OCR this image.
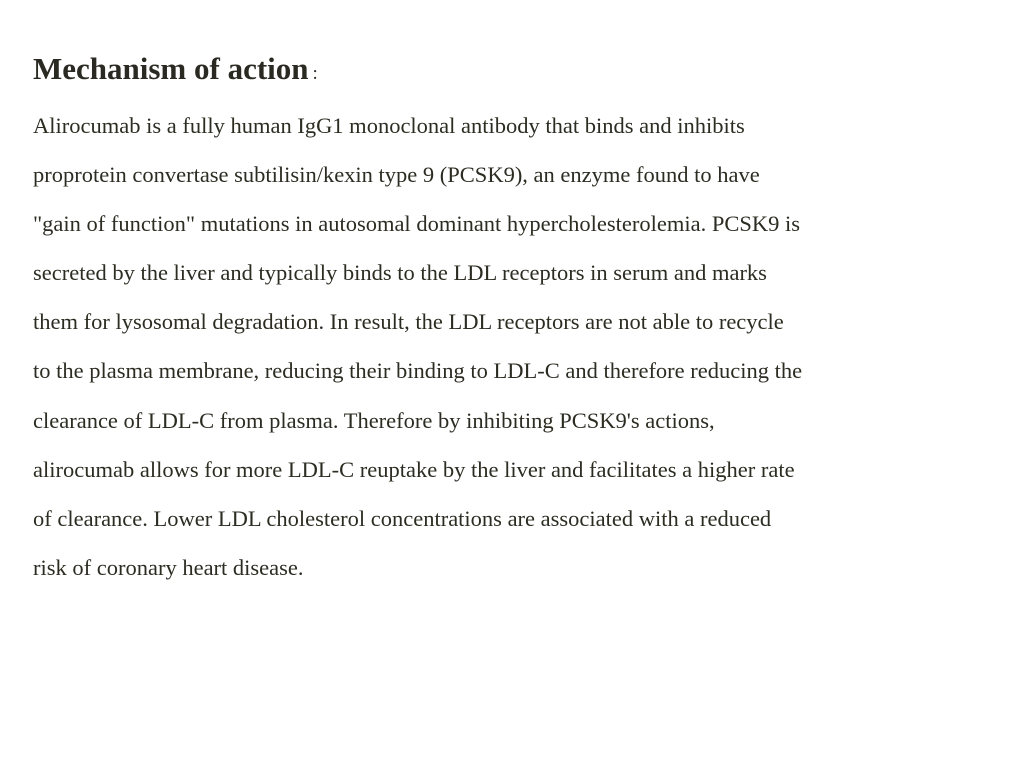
Mechanism of action :
Alirocumab is a fully human IgG1 monoclonal antibody that binds and inhibits
proprotein convertase subtilisin/kexin type 9 (PCSK9), an enzyme found to have
"gain of function" mutations in autosomal dominant hypercholesterolemia. PCSK9 is
secreted by the liver and typically binds to the LDL receptors in serum and marks
them for lysosomal degradation. In result, the LDL receptors are not able to recycle
to the plasma membrane, reducing their binding to LDL-C and therefore reducing the
clearance of LDL-C from plasma. Therefore by inhibiting PCSK9's actions,
alirocumab allows for more LDL-C reuptake by the liver and facilitates a higher rate
of clearance. Lower LDL cholesterol concentrations are associated with a reduced
risk of coronary heart disease.
